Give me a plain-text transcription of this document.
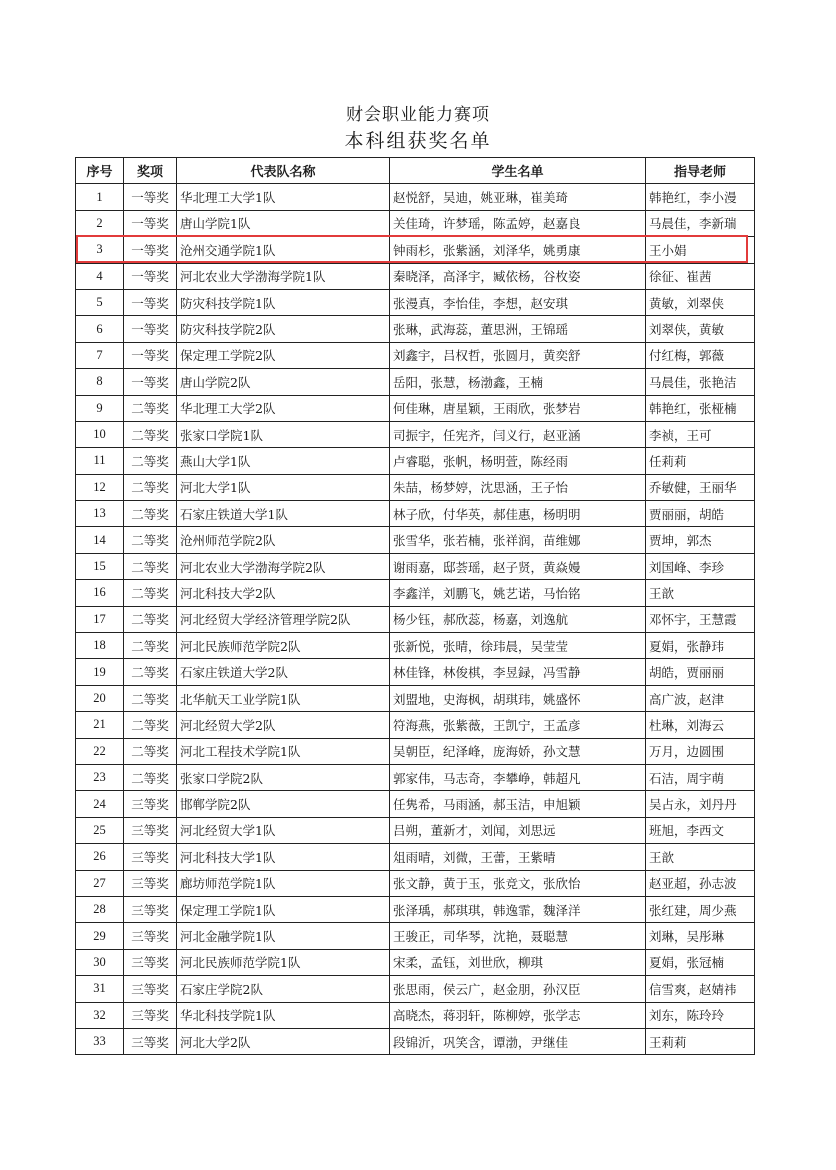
财会职业能力赛项
本科组获奖名单
序号	奖项	代表队名称	学生名单	指导老师
1	一等奖	华北理工大学1队	赵悦舒，吴迪，姚亚琳，崔美琦	韩艳红，李小漫
2	一等奖	唐山学院1队	关佳琦，许梦瑶，陈孟婷，赵嘉良	马晨佳，李新瑞
3	一等奖	沧州交通学院1队	钟雨杉，张紫涵，刘泽华，姚勇康	王小娟
4	一等奖	河北农业大学渤海学院1队	秦晓泽，高泽宇，臧依杨，谷枚姿	徐征、崔茜
5	一等奖	防灾科技学院1队	张漫真，李怡佳，李想，赵安琪	黄敏，刘翠侠
6	一等奖	防灾科技学院2队	张琳，武海蕊，董思洲，王锦瑶	刘翠侠，黄敏
7	一等奖	保定理工学院2队	刘鑫宇，吕权哲，张圆月，黄奕舒	付红梅，郭薇
8	一等奖	唐山学院2队	岳阳，张慧，杨渤鑫，王楠	马晨佳，张艳洁
9	二等奖	华北理工大学2队	何佳琳，唐星颖，王雨欣，张梦岩	韩艳红，张桠楠
10	二等奖	张家口学院1队	司振宇，任宪齐，闫义行，赵亚涵	李祯，王可
11	二等奖	燕山大学1队	卢睿聪，张帆，杨明萱，陈经雨	任莉莉
12	二等奖	河北大学1队	朱喆，杨梦婷，沈思涵，王子怡	乔敏健，王丽华
13	二等奖	石家庄铁道大学1队	林子欣，付华英，郝佳惠，杨明明	贾丽丽，胡皓
14	二等奖	沧州师范学院2队	张雪华，张若楠，张祥润，苗维娜	贾坤，郭杰
15	二等奖	河北农业大学渤海学院2队	谢雨嘉，邸荟瑶，赵子贤，黄焱嫚	刘国峰、李珍
16	二等奖	河北科技大学2队	李鑫洋，刘鹏飞，姚艺诺，马怡铭	王歆
17	二等奖	河北经贸大学经济管理学院2队	杨少钰，郝欣蕊，杨嘉，刘逸航	邓怀宇，王慧霞
18	二等奖	河北民族师范学院2队	张新悦，张晴，徐玮晨，吴莹莹	夏娟，张静玮
19	二等奖	石家庄铁道大学2队	林佳锋，林俊棋，李昱録，冯雪静	胡皓，贾丽丽
20	二等奖	北华航天工业学院1队	刘盟地，史海枫，胡琪玮，姚盛怀	高广波，赵津
21	二等奖	河北经贸大学2队	符海燕，张紫薇，王凯宁，王孟彦	杜琳，刘海云
22	二等奖	河北工程技术学院1队	吴朝臣，纪泽峰，庞海娇，孙文慧	万月，边圆围
23	二等奖	张家口学院2队	郭家伟，马志奇，李攀峥，韩超凡	石洁，周宇萌
24	三等奖	邯郸学院2队	任隽希，马雨涵，郝玉洁，申旭颖	吴占永，刘丹丹
25	三等奖	河北经贸大学1队	吕朔，董新才，刘闻，刘思远	班旭，李西文
26	三等奖	河北科技大学1队	俎雨晴，刘微，王蕾，王紫晴	王歆
27	三等奖	廊坊师范学院1队	张文静，黄于玉，张竞文，张欣怡	赵亚超，孙志波
28	三等奖	保定理工学院1队	张泽瑀，郝琪琪，韩逸霏，魏泽洋	张红建，周少燕
29	三等奖	河北金融学院1队	王骏正，司华琴，沈艳，聂聪慧	刘琳，吴彤琳
30	三等奖	河北民族师范学院1队	宋柔，孟钰，刘世欣，柳琪	夏娟，张冠楠
31	三等奖	石家庄学院2队	张思雨，侯云广，赵金朋，孙汉臣	信雪爽，赵婧祎
32	三等奖	华北科技学院1队	高晓杰，蒋羽轩，陈柳婷，张学志	刘东，陈玲玲
33	三等奖	河北大学2队	段锦沂，巩笑含，谭渤，尹继佳	王莉莉
